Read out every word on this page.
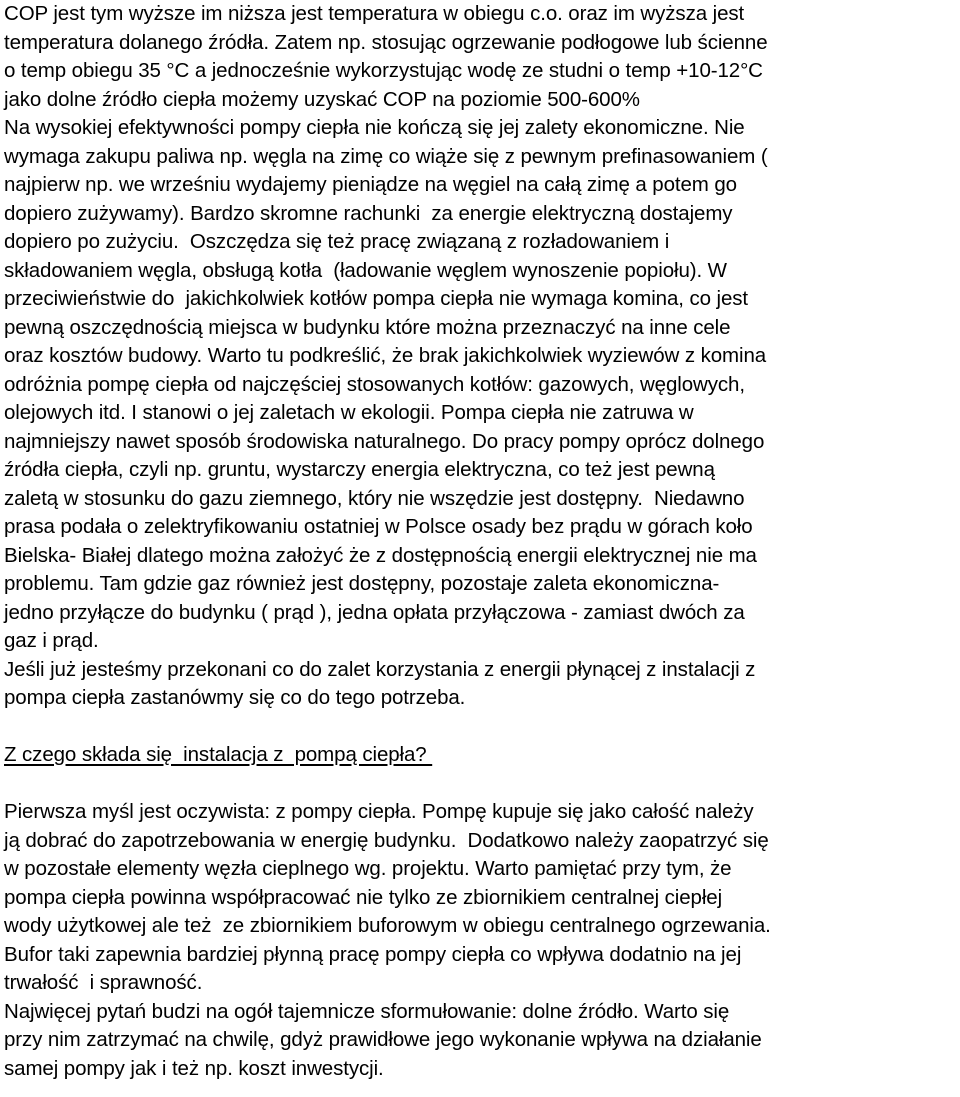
COP jest tym wyższe im niższa jest temperatura w obiegu c.o. oraz im wyższa jest
temperatura dolanego źródła. Zatem np. stosując ogrzewanie podłogowe lub ścienne
o temp obiegu 35 °C a jednocześnie wykorzystując wodę ze studni o temp +10-12°C
jako dolne źródło ciepła możemy uzyskać COP na poziomie 500-600%
Na wysokiej efektywności pompy ciepła nie kończą się jej zalety ekonomiczne. Nie
wymaga zakupu paliwa np. węgla na zimę co wiąże się z pewnym prefinasowaniem (
najpierw np. we wrześniu wydajemy pieniądze na węgiel na całą zimę a potem go
dopiero zużywamy). Bardzo skromne rachunki  za energie elektryczną dostajemy
dopiero po zużyciu.  Oszczędza się też pracę związaną z rozładowaniem i
składowaniem węgla, obsługą kotła  (ładowanie węglem wynoszenie popiołu). W
przeciwieństwie do  jakichkolwiek kotłów pompa ciepła nie wymaga komina, co jest
pewną oszczędnością miejsca w budynku które można przeznaczyć na inne cele
oraz kosztów budowy. Warto tu podkreślić, że brak jakichkolwiek wyziewów z komina
odróżnia pompę ciepła od najczęściej stosowanych kotłów: gazowych, węglowych,
olejowych itd. I stanowi o jej zaletach w ekologii. Pompa ciepła nie zatruwa w
najmniejszy nawet sposób środowiska naturalnego. Do pracy pompy oprócz dolnego
źródła ciepła, czyli np. gruntu, wystarczy energia elektryczna, co też jest pewną
zaletą w stosunku do gazu ziemnego, który nie wszędzie jest dostępny.  Niedawno
prasa podała o zelektryfikowaniu ostatniej w Polsce osady bez prądu w górach koło
Bielska- Białej dlatego można założyć że z dostępnością energii elektrycznej nie ma
problemu. Tam gdzie gaz również jest dostępny, pozostaje zaleta ekonomiczna-
jedno przyłącze do budynku ( prąd ), jedna opłata przyłączowa - zamiast dwóch za
gaz i prąd.
Jeśli już jesteśmy przekonani co do zalet korzystania z energii płynącej z instalacji z
pompa ciepła zastanówmy się co do tego potrzeba.
Z czego składa się  instalacja z  pompą ciepła?
Pierwsza myśl jest oczywista: z pompy ciepła. Pompę kupuje się jako całość należy
ją dobrać do zapotrzebowania w energię budynku.  Dodatkowo należy zaopatrzyć się
w pozostałe elementy węzła cieplnego wg. projektu. Warto pamiętać przy tym, że
pompa ciepła powinna współpracować nie tylko ze zbiornikiem centralnej ciepłej
wody użytkowej ale też  ze zbiornikiem buforowym w obiegu centralnego ogrzewania.
Bufor taki zapewnia bardziej płynną pracę pompy ciepła co wpływa dodatnio na jej
trwałość  i sprawność.
Najwięcej pytań budzi na ogół tajemnicze sformułowanie: dolne źródło. Warto się
przy nim zatrzymać na chwilę, gdyż prawidłowe jego wykonanie wpływa na działanie
samej pompy jak i też np. koszt inwestycji.
